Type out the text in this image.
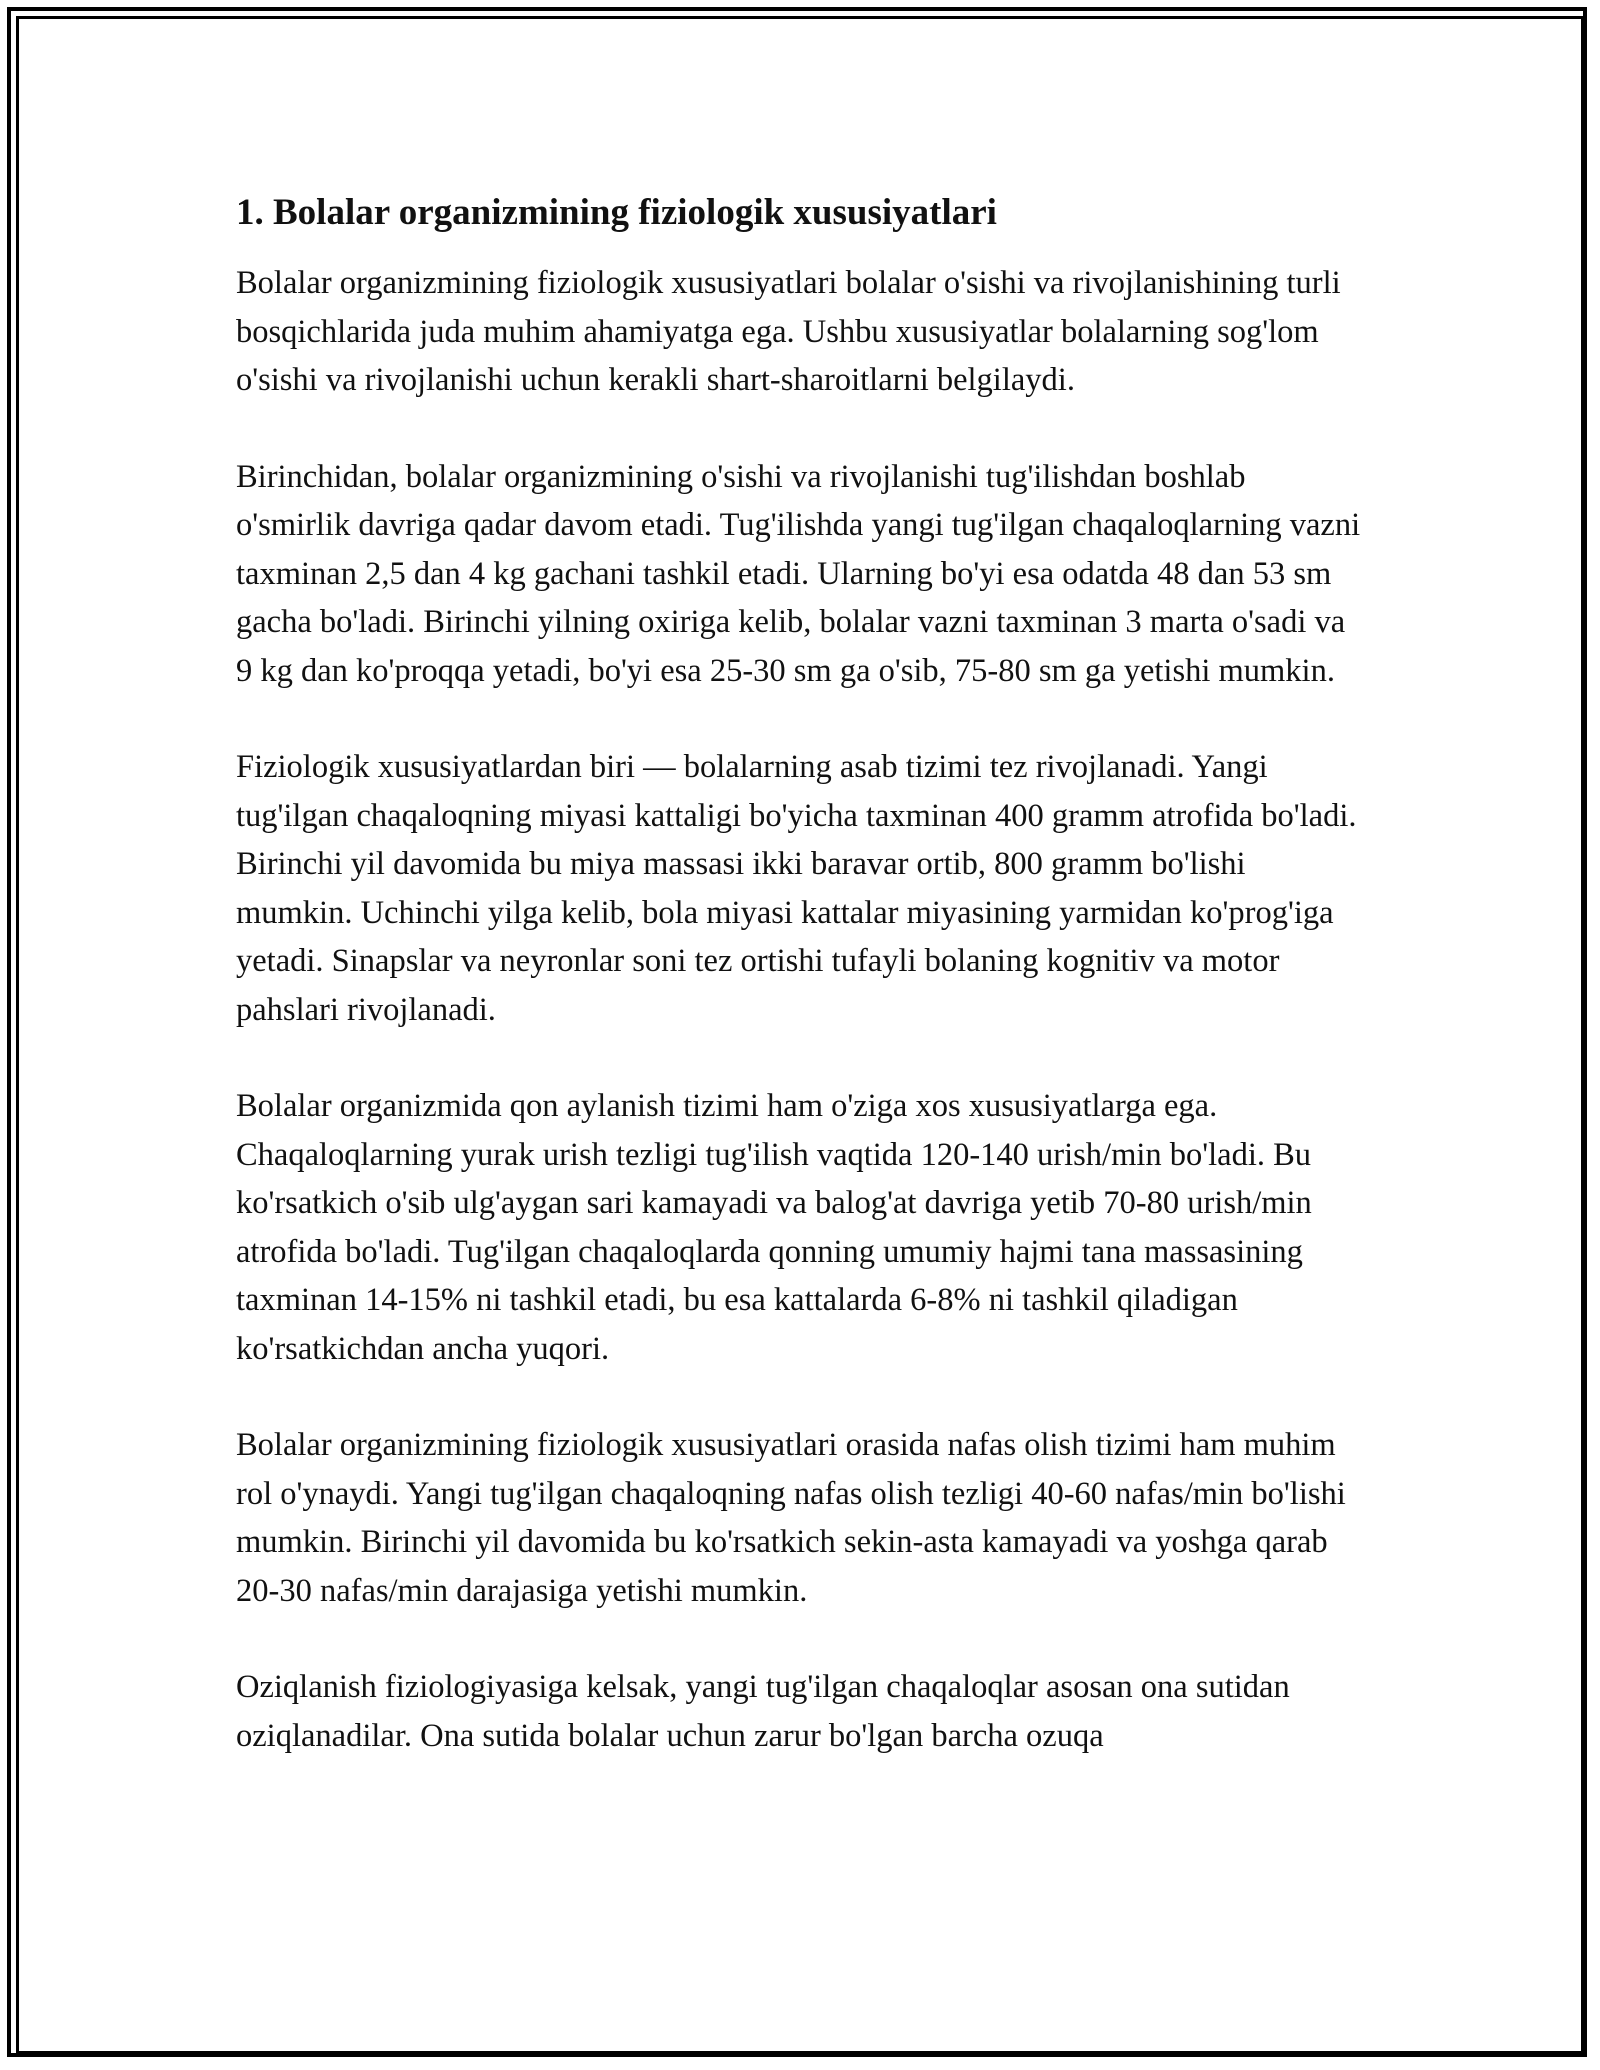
1. Bolalar organizmining fiziologik xususiyatlari

Bolalar organizmining fiziologik xususiyatlari bolalar o'sishi va rivojlanishining turli bosqichlarida juda muhim ahamiyatga ega. Ushbu xususiyatlar bolalarning sog'lom o'sishi va rivojlanishi uchun kerakli shart-sharoitlarni belgilaydi.

Birinchidan, bolalar organizmining o'sishi va rivojlanishi tug'ilishdan boshlab o'smirlik davriga qadar davom etadi. Tug'ilishda yangi tug'ilgan chaqaloqlarning vazni taxminan 2,5 dan 4 kg gachani tashkil etadi. Ularning bo'yi esa odatda 48 dan 53 sm gacha bo'ladi. Birinchi yilning oxiriga kelib, bolalar vazni taxminan 3 marta o'sadi va 9 kg dan ko'proqqa yetadi, bo'yi esa 25-30 sm ga o'sib, 75-80 sm ga yetishi mumkin.

Fiziologik xususiyatlardan biri — bolalarning asab tizimi tez rivojlanadi. Yangi tug'ilgan chaqaloqning miyasi kattaligi bo'yicha taxminan 400 gramm atrofida bo'ladi. Birinchi yil davomida bu miya massasi ikki baravar ortib, 800 gramm bo'lishi mumkin. Uchinchi yilga kelib, bola miyasi kattalar miyasining yarmidan ko'prog'iga yetadi. Sinapslar va neyronlar soni tez ortishi tufayli bolaning kognitiv va motor pahslari rivojlanadi.

Bolalar organizmida qon aylanish tizimi ham o'ziga xos xususiyatlarga ega. Chaqaloqlarning yurak urish tezligi tug'ilish vaqtida 120-140 urish/min bo'ladi. Bu ko'rsatkich o'sib ulg'aygan sari kamayadi va balog'at davriga yetib 70-80 urish/min atrofida bo'ladi. Tug'ilgan chaqaloqlarda qonning umumiy hajmi tana massasining taxminan 14-15% ni tashkil etadi, bu esa kattalarda 6-8% ni tashkil qiladigan ko'rsatkichdan ancha yuqori.

Bolalar organizmining fiziologik xususiyatlari orasida nafas olish tizimi ham muhim rol o'ynaydi. Yangi tug'ilgan chaqaloqning nafas olish tezligi 40-60 nafas/min bo'lishi mumkin. Birinchi yil davomida bu ko'rsatkich sekin-asta kamayadi va yoshga qarab 20-30 nafas/min darajasiga yetishi mumkin.

Oziqlanish fiziologiyasiga kelsak, yangi tug'ilgan chaqaloqlar asosan ona sutidan oziqlanadilar. Ona sutida bolalar uchun zarur bo'lgan barcha ozuqa
